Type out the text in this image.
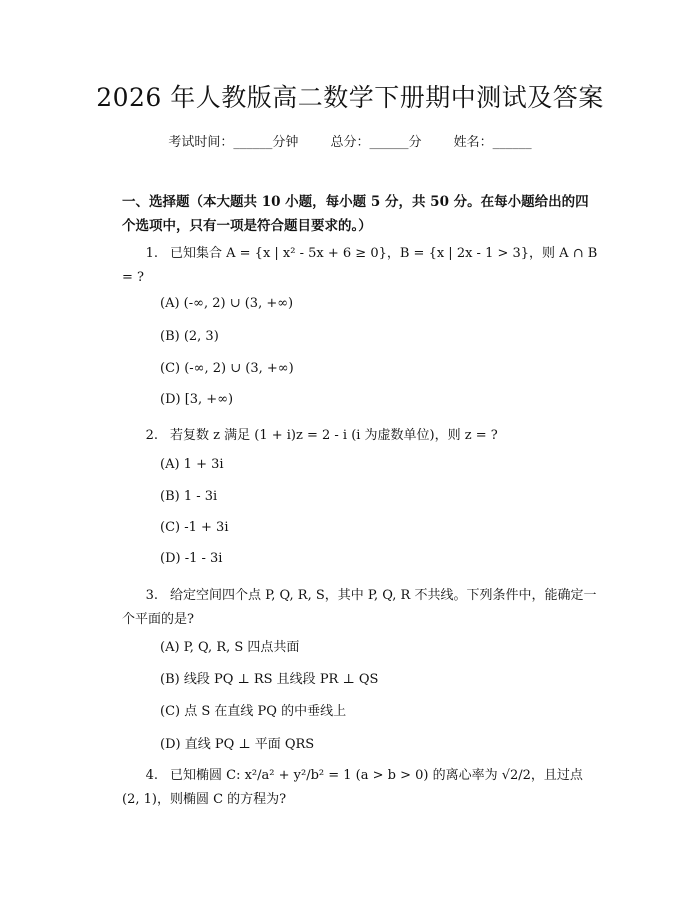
2026 年人教版高二数学下册期中测试及答案
考试时间：______分钟 总分：______分 姓名：______
一、选择题（本大题共 10 小题，每小题 5 分，共 50 分。在每小题给出的四个选项中，只有一项是符合题目要求的。）
1. 已知集合 A = {x | x² - 5x + 6 ≥ 0}，B = {x | 2x - 1 > 3}，则 A ∩ B = ?
(A) (-∞, 2) ∪ (3, +∞)
(B) (2, 3)
(C) (-∞, 2) ∪ (3, +∞)
(D) [3, +∞)
2. 若复数 z 满足 (1 + i)z = 2 - i (i 为虚数单位)，则 z = ?
(A) 1 + 3i
(B) 1 - 3i
(C) -1 + 3i
(D) -1 - 3i
3. 给定空间四个点 P, Q, R, S，其中 P, Q, R 不共线。下列条件中，能确定一个平面的是?
(A) P, Q, R, S 四点共面
(B) 线段 PQ ⊥ RS 且线段 PR ⊥ QS
(C) 点 S 在直线 PQ 的中垂线上
(D) 直线 PQ ⊥ 平面 QRS
4. 已知椭圆 C: x²/a² + y²/b² = 1 (a > b > 0) 的离心率为 √2/2，且过点 (2, 1)，则椭圆 C 的方程为?
